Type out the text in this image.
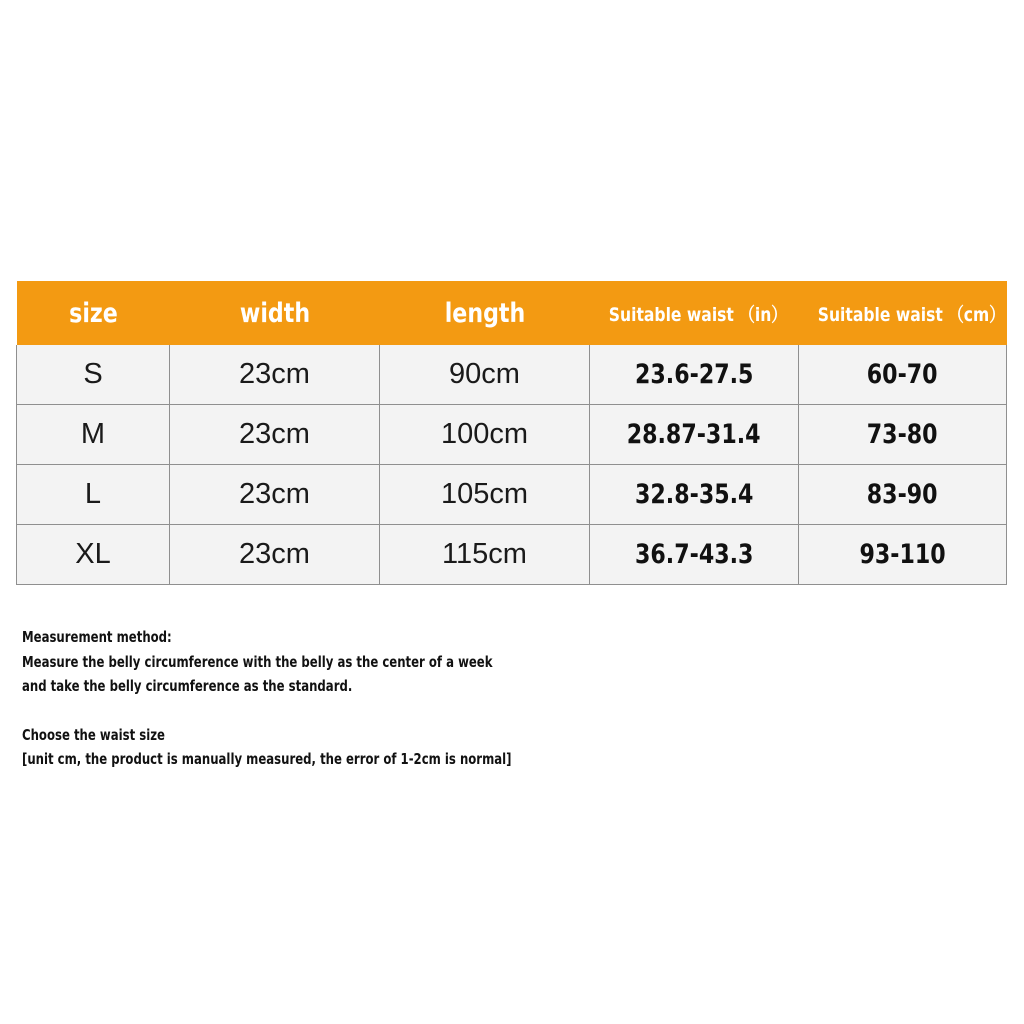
size	width	length	Suitable waist （in）	Suitable waist （cm）
S	23cm	90cm	23.6-27.5	60-70
M	23cm	100cm	28.87-31.4	73-80
L	23cm	105cm	32.8-35.4	83-90
XL	23cm	115cm	36.7-43.3	93-110

Measurement method:

Measure the belly circumference with the belly as the center of a week

and take the belly circumference as the standard.

Choose the waist size

[unit cm, the product is manually measured, the error of 1-2cm is normal]
